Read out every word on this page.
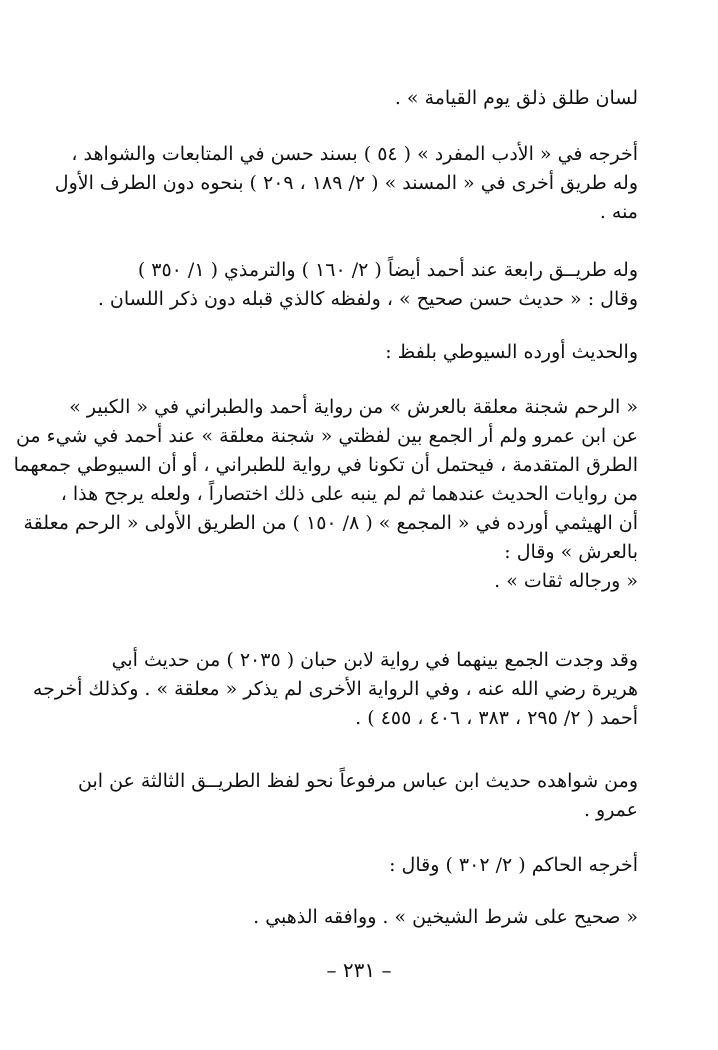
لسان طلق ذلق يوم القيامة » .

أخرجه في « الأدب المفرد » ( ٥٤ ) بسند حسن في المتابعات والشواهد ،
وله طريق أخرى في « المسند » ( ٢/ ١٨٩ ، ٢٠٩ ) بنحوه دون الطرف الأول
منه .

وله طريــق رابعة عند أحمد أيضاً ( ٢/ ١٦٠ ) والترمذي ( ١/ ٣٥٠ )
وقال : « حديث حسن صحيح » ، ولفظه كالذي قبله دون ذكر اللسان .

والحديث أورده السيوطي بلفظ :

« الرحم شجنة معلقة بالعرش » من رواية أحمد والطبراني في « الكبير »
عن ابن عمرو ولم أر الجمع بين لفظتي « شجنة معلقة » عند أحمد في شيء من
الطرق المتقدمة ، فيحتمل أن تكونا في رواية للطبراني ، أو أن السيوطي جمعهما
من روايات الحديث عندهما ثم لم ينبه على ذلك اختصاراً ، ولعله يرجح هذا ،
أن الهيثمي أورده في « المجمع » ( ٨/ ١٥٠ ) من الطريق الأولى « الرحم معلقة
بالعرش » وقال :
« ورجاله ثقات » .

وقد وجدت الجمع بينهما في رواية لابن حبان ( ٢٠٣٥ ) من حديث أبي
هريرة رضي الله عنه ، وفي الرواية الأخرى لم يذكر « معلقة » . وكذلك أخرجه
أحمد ( ٢/ ٢٩٥ ، ٣٨٣ ، ٤٠٦ ، ٤٥٥ ) .

ومن شواهده حديث ابن عباس مرفوعاً نحو لفظ الطريــق الثالثة عن ابن
عمرو .

أخرجه الحاكم ( ٢/ ٣٠٢ ) وقال :

« صحيح على شرط الشيخين » . ووافقه الذهبي .

– ٢٣١ –
